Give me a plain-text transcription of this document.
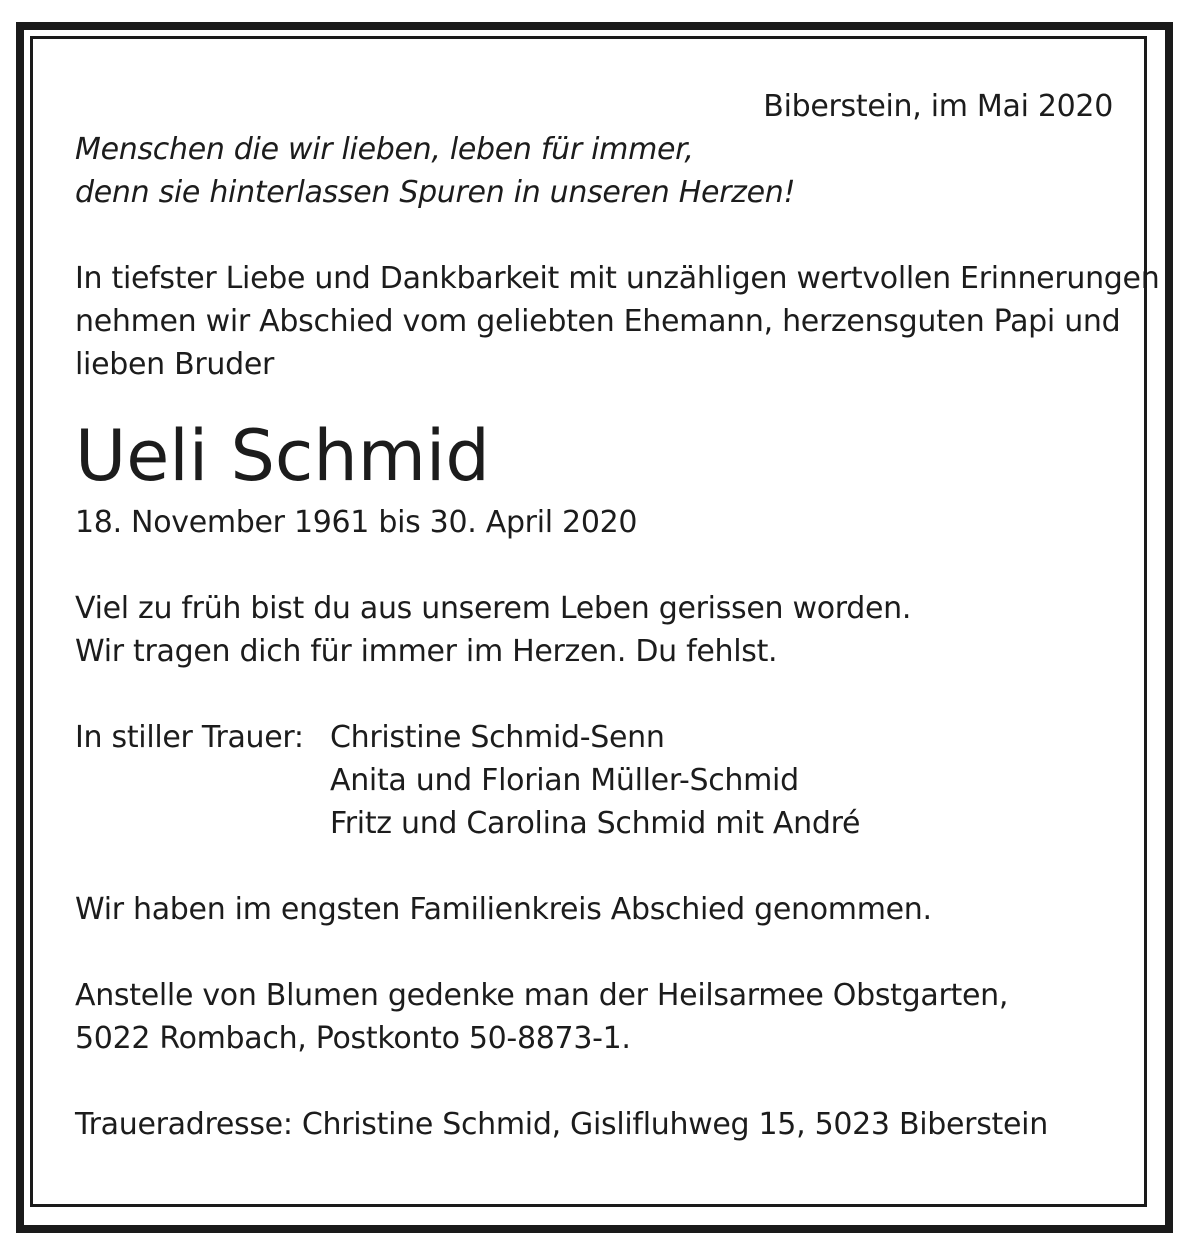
Biberstein, im Mai 2020
Menschen die wir lieben, leben für immer,
denn sie hinterlassen Spuren in unseren Herzen!
In tiefster Liebe und Dankbarkeit mit unzähligen wertvollen Erinnerungen
nehmen wir Abschied vom geliebten Ehemann, herzensguten Papi und
lieben Bruder
Ueli Schmid
18. November 1961 bis 30. April 2020
Viel zu früh bist du aus unserem Leben gerissen worden.
Wir tragen dich für immer im Herzen. Du fehlst.
In stiller Trauer: Christine Schmid-Senn
Anita und Florian Müller-Schmid
Fritz und Carolina Schmid mit André
Wir haben im engsten Familienkreis Abschied genommen.
Anstelle von Blumen gedenke man der Heilsarmee Obstgarten,
5022 Rombach, Postkonto 50-8873-1.
Traueradresse: Christine Schmid, Gislifluhweg 15, 5023 Biberstein
